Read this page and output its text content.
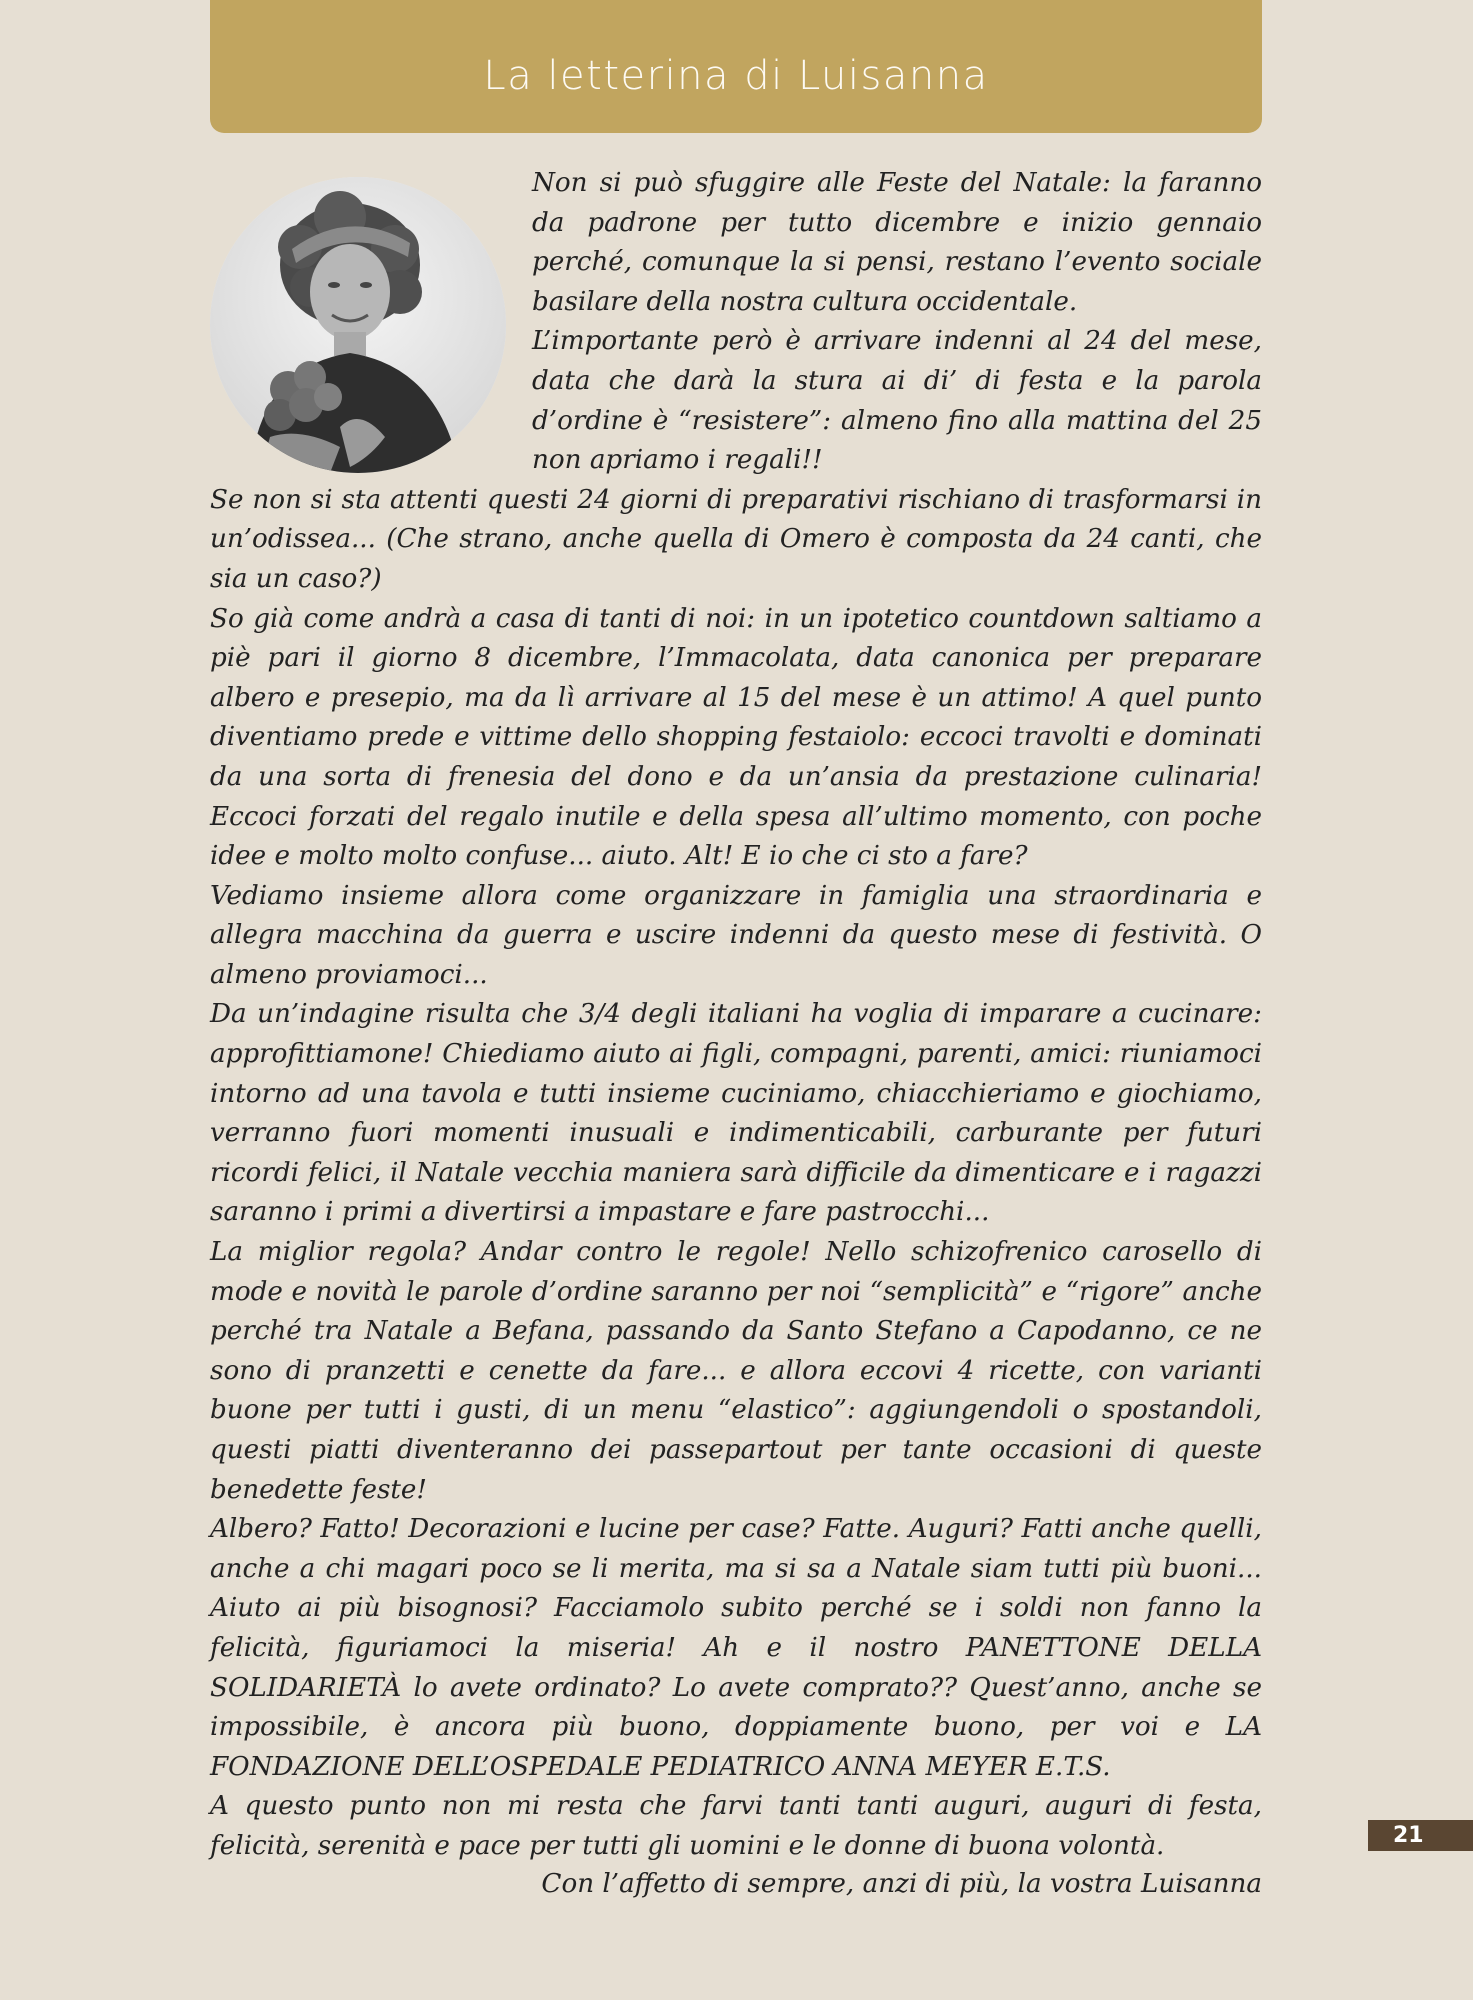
La letterina di Luisanna

Non si può sfuggire alle Feste del Natale: la faranno da padrone per tutto dicembre e inizio gennaio perché, comunque la si pensi, restano l’evento sociale basilare della nostra cultura occidentale.

L’importante però è arrivare indenni al 24 del mese, data che darà la stura ai di’ di festa e la parola d’ordine è “resistere”: almeno fino alla mattina del 25 non apriamo i regali!!

Se non si sta attenti questi 24 giorni di preparativi rischiano di trasformarsi in un’odissea... (Che strano, anche quella di Omero è composta da 24 canti, che sia un caso?)

So già come andrà a casa di tanti di noi: in un ipotetico countdown saltiamo a piè pari il giorno 8 dicembre, l’Immacolata, data canonica per preparare albero e presepio, ma da lì arrivare al 15 del mese è un attimo! A quel punto diventiamo prede e vittime dello shopping festaiolo: eccoci travolti e dominati da una sorta di frenesia del dono e da un’ansia da prestazione culinaria! Eccoci forzati del regalo inutile e della spesa all’ultimo momento, con poche idee e molto molto confuse... aiuto. Alt! E io che ci sto a fare?

Vediamo insieme allora come organizzare in famiglia una straordinaria e allegra macchina da guerra e uscire indenni da questo mese di festività. O almeno proviamoci...

Da un’indagine risulta che 3/4 degli italiani ha voglia di imparare a cucinare: approfittiamone! Chiediamo aiuto ai figli, compagni, parenti, amici: riuniamoci intorno ad una tavola e tutti insieme cuciniamo, chiacchieriamo e giochiamo, verranno fuori momenti inusuali e indimenticabili, carburante per futuri ricordi felici, il Natale vecchia maniera sarà difficile da dimenticare e i ragazzi saranno i primi a divertirsi a impastare e fare pastrocchi...

La miglior regola? Andar contro le regole! Nello schizofrenico carosello di mode e novità le parole d’ordine saranno per noi “semplicità” e “rigore” anche perché tra Natale a Befana, passando da Santo Stefano a Capodanno, ce ne sono di pranzetti e cenette da fare... e allora eccovi 4 ricette, con varianti buone per tutti i gusti, di un menu “elastico”: aggiungendoli o spostandoli, questi piatti diventeranno dei passepartout per tante occasioni di queste benedette feste!

Albero? Fatto! Decorazioni e lucine per case? Fatte. Auguri? Fatti anche quelli, anche a chi magari poco se li merita, ma si sa a Natale siam tutti più buoni... Aiuto ai più bisognosi? Facciamolo subito perché se i soldi non fanno la felicità, figuriamoci la miseria! Ah e il nostro PANETTONE DELLA SOLIDARIETÀ lo avete ordinato? Lo avete comprato?? Quest’anno, anche se impossibile, è ancora più buono, doppiamente buono, per voi e LA FONDAZIONE DELL’OSPEDALE PEDIATRICO ANNA MEYER E.T.S.

A questo punto non mi resta che farvi tanti tanti auguri, auguri di festa, felicità, serenità e pace per tutti gli uomini e le donne di buona volontà.

Con l’affetto di sempre, anzi di più, la vostra Luisanna
21
